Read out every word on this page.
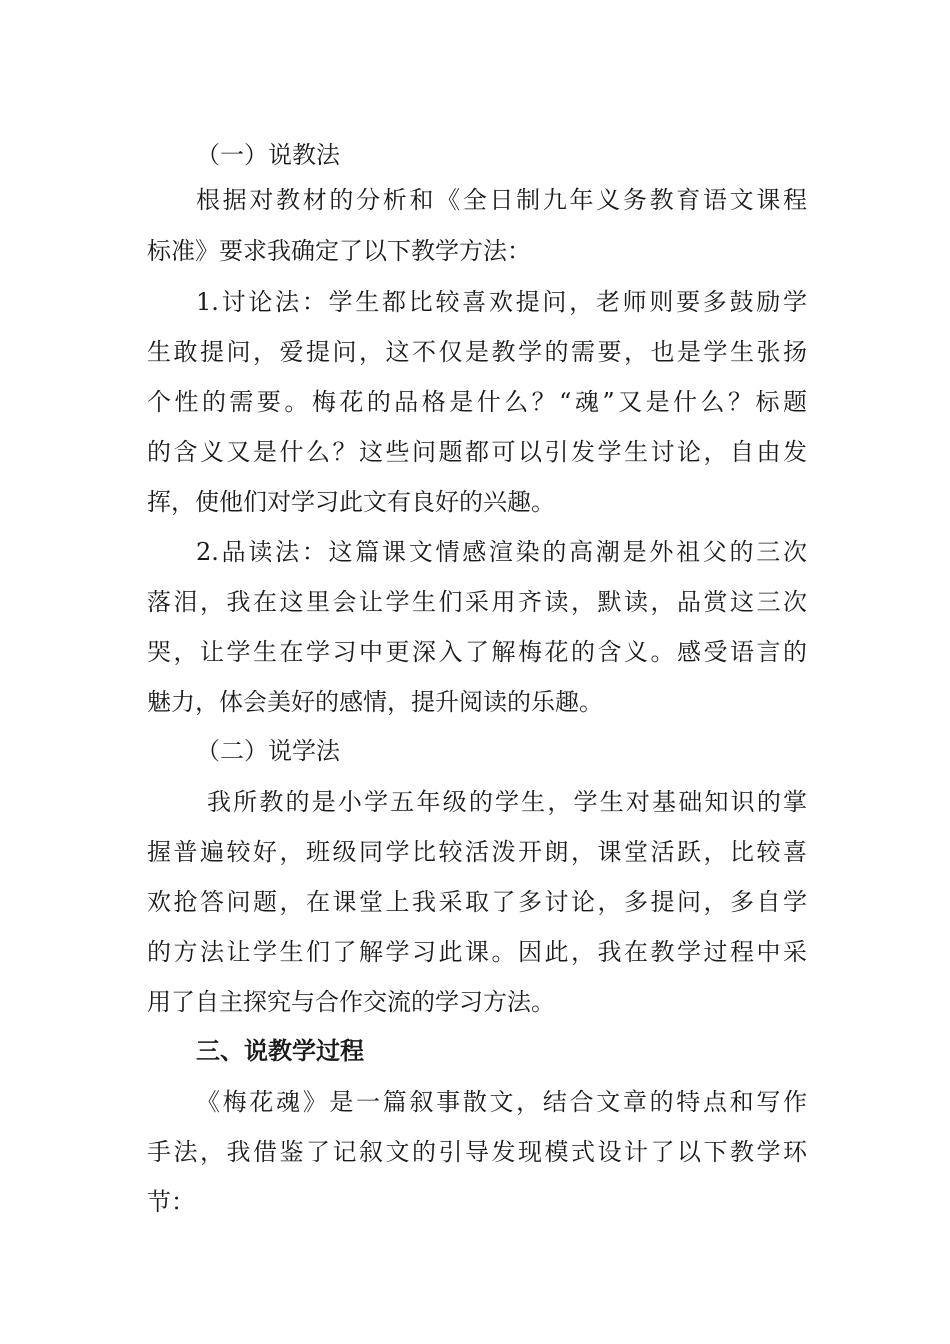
（一）说教法
根据对教材的分析和《全日制九年义务教育语文课程
标准》要求我确定了以下教学方法：
1.讨论法：学生都比较喜欢提问，老师则要多鼓励学
生敢提问，爱提问，这不仅是教学的需要，也是学生张扬
个性的需要。梅花的品格是什么？“魂”又是什么？标题
的含义又是什么？这些问题都可以引发学生讨论，自由发
挥，使他们对学习此文有良好的兴趣。
2.品读法：这篇课文情感渲染的高潮是外祖父的三次
落泪，我在这里会让学生们采用齐读，默读，品赏这三次
哭，让学生在学习中更深入了解梅花的含义。感受语言的
魅力，体会美好的感情，提升阅读的乐趣。
（二）说学法
我所教的是小学五年级的学生，学生对基础知识的掌
握普遍较好，班级同学比较活泼开朗，课堂活跃，比较喜
欢抢答问题，在课堂上我采取了多讨论，多提问，多自学
的方法让学生们了解学习此课。因此，我在教学过程中采
用了自主探究与合作交流的学习方法。
三、说教学过程
《梅花魂》是一篇叙事散文，结合文章的特点和写作
手法，我借鉴了记叙文的引导发现模式设计了以下教学环
节：
